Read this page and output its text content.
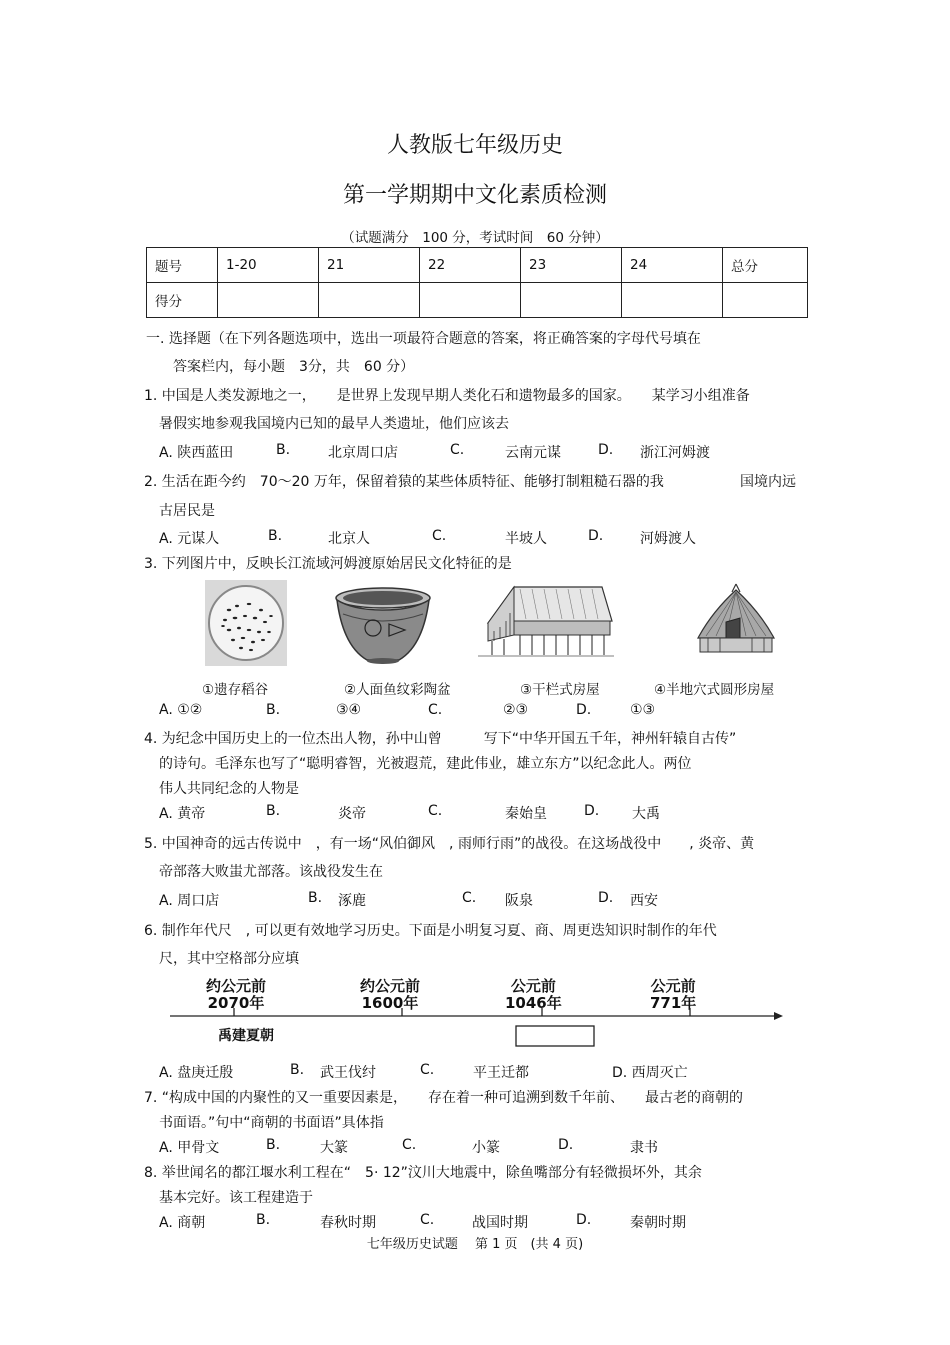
人教版七年级历史
第一学期期中文化素质检测
（试题满分　100 分，考试时间　60 分钟）
题号	1-20	21	22	23	24	总分
得分						
一. 选择题（在下列各题选项中，选出一项最符合题意的答案，将正确答案的字母代号填在
答案栏内，每小题　3分，共　60 分）
1. 中国是人类发源地之一，　　是世界上发现早期人类化石和遗物最多的国家。　　某学习小组准备
暑假实地参观我国境内已知的最早人类遗址，他们应该去
A. 陕西蓝田	B.	北京周口店	C.	云南元谋	D. 浙江河姆渡
2. 生活在距今约　70～20 万年，保留着猿的某些体质特征、能够打制粗糙石器的我	国境内远
古居民是
A. 元谋人	B.	北京人	C.	半坡人	D.	河姆渡人
3. 下列图片中，反映长江流域河姆渡原始居民文化特征的是
①遗存稻谷	②人面鱼纹彩陶盆	③干栏式房屋	④半地穴式圆形房屋
A. ①②	B.	③④	C.	②③	D.	①③
4. 为纪念中国历史上的一位杰出人物，孙中山曾　　　写下“中华开国五千年，神州轩辕自古传”
的诗句。毛泽东也写了“聪明睿智，光被遐荒，建此伟业，雄立东方”以纪念此人。两位
伟人共同纪念的人物是
A. 黄帝	B.	炎帝	C.	秦始皇	D. 大禹
5. 中国神奇的远古传说中　，有一场“风伯御风　, 雨师行雨”的战役。在这场战役中　　, 炎帝、黄
帝部落大败蚩尤部落。该战役发生在
A. 周口店	B. 涿鹿	C. 阪泉	D. 西安
6. 制作年代尺　, 可以更有效地学习历史。下面是小明复习夏、商、周更迭知识时制作的年代
尺，其中空格部分应填
约公元前
2070年
约公元前
1600年
公元前
1046年
公元前
771年
禹建夏朝
A. 盘庚迁殷	B. 武王伐纣	C.	平王迁都	D. 西周灭亡
7. “构成中国的内聚性的又一重要因素是，　　存在着一种可追溯到数千年前、　　最古老的商朝的
书面语。”句中“商朝的书面语”具体指
A. 甲骨文	B.	大篆	C.	小篆	D.	隶书
8. 举世闻名的都江堰水利工程在“　5· 12”汶川大地震中，除鱼嘴部分有轻微损坏外，其余
基本完好。该工程建造于
A. 商朝	B.	春秋时期	C.	战国时期	D.	秦朝时期
七年级历史试题　 第 1 页　(共 4 页)
